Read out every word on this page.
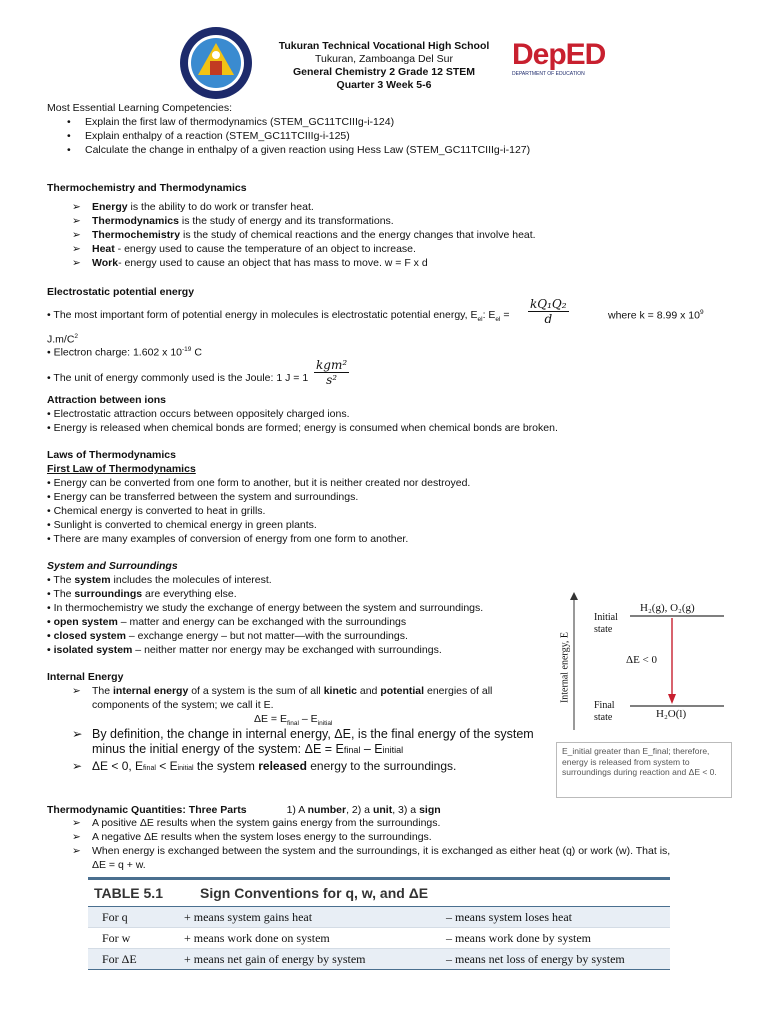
Tukuran Technical Vocational High School
Tukuran, Zamboanga Del Sur
General Chemistry 2 Grade 12 STEM
Quarter 3 Week 5-6
DepED
DEPARTMENT OF EDUCATION
Most Essential Learning Competencies:
• Explain the first law of thermodynamics (STEM_GC11TCIIIg-i-124)
• Explain enthalpy of a reaction (STEM_GC11TCIIIg-i-125)
• Calculate the change in enthalpy of a given reaction using Hess Law (STEM_GC11TCIIIg-i-127)
Thermochemistry and Thermodynamics
➢ Energy is the ability to do work or transfer heat.
➢ Thermodynamics is the study of energy and its transformations.
➢ Thermochemistry is the study of chemical reactions and the energy changes that involve heat.
➢ Heat - energy used to cause the temperature of an object to increase.
➢ Work- energy used to cause an object that has mass to move. w = F x d
Electrostatic potential energy
• The most important form of potential energy in molecules is electrostatic potential energy, $E_{el}$: $E_{el}$ =
kQ₁Q₂
d	where k = 8.99 x $10^9$
$J.m/C^2$
• Electron charge: 1.602 x $10^{-19}$ C
• The unit of energy commonly used is the Joule: 1 J = 1
kgm²
s²
Attraction between ions
• Electrostatic attraction occurs between oppositely charged ions.
• Energy is released when chemical bonds are formed; energy is consumed when chemical bonds are broken.
Laws of Thermodynamics
First Law of Thermodynamics
• Energy can be converted from one form to another, but it is neither created nor destroyed.
• Energy can be transferred between the system and surroundings.
• Chemical energy is converted to heat in grills.
• Sunlight is converted to chemical energy in green plants.
• There are many examples of conversion of energy from one form to another.
System and Surroundings
• The system includes the molecules of interest.
• The surroundings are everything else.
• In thermochemistry we study the exchange of energy between the system and surroundings.
• open system – matter and energy can be exchanged with the surroundings
• closed system – exchange energy – but not matter—with the surroundings.
• isolated system – neither matter nor energy may be exchanged with surroundings.
Internal Energy
➢ The internal energy of a system is the sum of all kinetic and potential energies of all
components of the system; we call it E.
$\Delta E = E_{final} - E_{initial}$
➢ By definition, the change in internal energy, ΔE, is the final energy of the system
minus the initial energy of the system: ΔE = Efinal – Einitial
➢ ΔE < 0, Efinal < Einitial the system released energy to the surroundings.
Internal energy, E
Initial
state
H₂(g), O₂(g)
ΔE < 0
Final
state	H₂O(l)
E_initial greater than E_final; therefore, energy is released from system to surroundings during reaction and ΔE < 0.
Thermodynamic Quantities: Three Parts	1) A number, 2) a unit, 3) a sign
➢ A positive ΔE results when the system gains energy from the surroundings.
➢ A negative ΔE results when the system loses energy to the surroundings.
➢ When energy is exchanged between the system and the surroundings, it is exchanged as either heat (q) or work (w). That is,
ΔE = q + w.
TABLE 5.1	Sign Conventions for q, w, and ΔE
For q	+ means system gains heat	– means system loses heat
For w	+ means work done on system	– means work done by system
For ΔE	+ means net gain of energy by system	– means net loss of energy by system
